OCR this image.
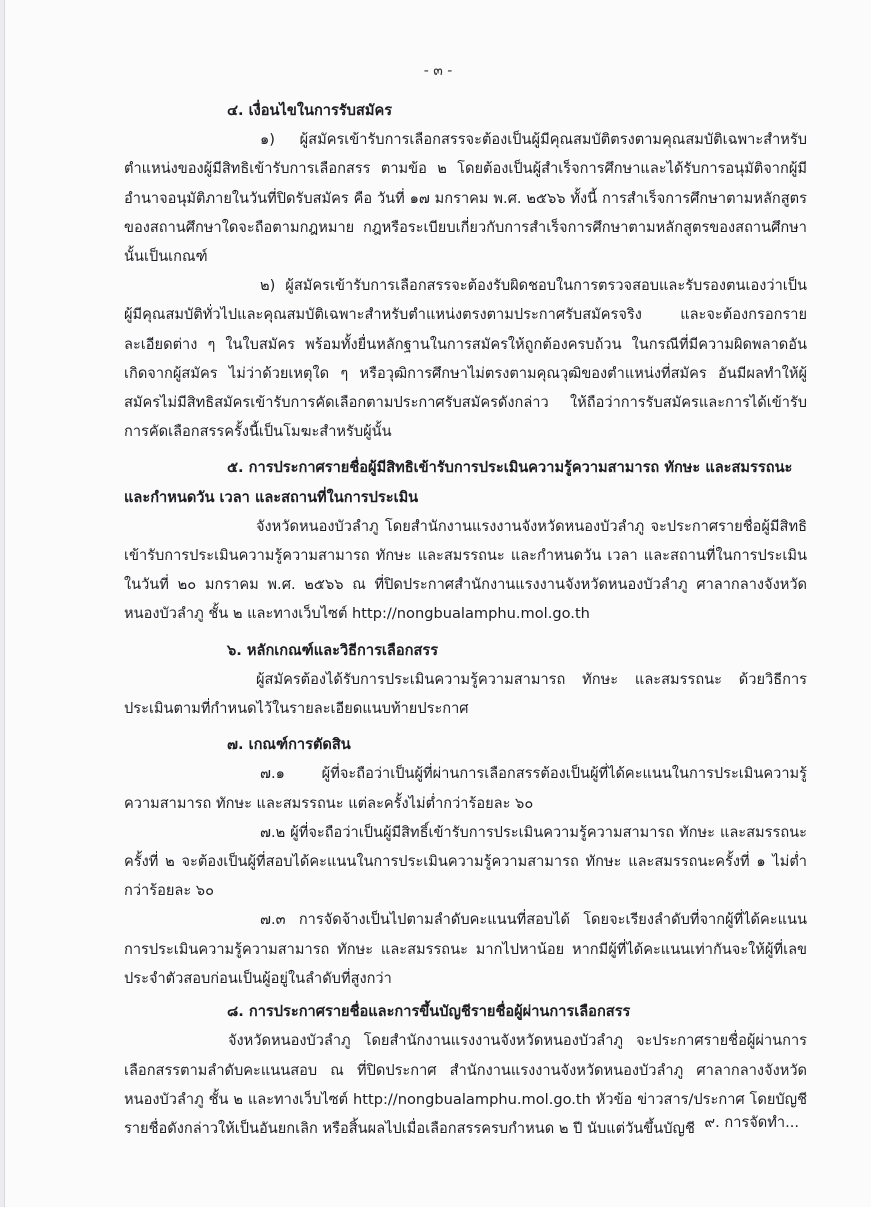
- ๓ -

๔. เงื่อนไขในการรับสมัคร

๑) ผู้สมัครเข้ารับการเลือกสรรจะต้องเป็นผู้มีคุณสมบัติตรงตามคุณสมบัติเฉพาะสำหรับตำแหน่งของผู้มีสิทธิเข้ารับการเลือกสรร ตามข้อ ๒ โดยต้องเป็นผู้สำเร็จการศึกษาและได้รับการอนุมัติจากผู้มีอำนาจอนุมัติภายในวันที่ปิดรับสมัคร คือ วันที่ ๑๗ มกราคม พ.ศ. ๒๕๖๖ ทั้งนี้ การสำเร็จการศึกษาตามหลักสูตรของสถานศึกษาใดจะถือตามกฎหมาย กฎหรือระเบียบเกี่ยวกับการสำเร็จการศึกษาตามหลักสูตรของสถานศึกษานั้นเป็นเกณฑ์

๒) ผู้สมัครเข้ารับการเลือกสรรจะต้องรับผิดชอบในการตรวจสอบและรับรองตนเองว่าเป็นผู้มีคุณสมบัติทั่วไปและคุณสมบัติเฉพาะสำหรับตำแหน่งตรงตามประกาศรับสมัครจริง และจะต้องกรอกรายละเอียดต่าง ๆ ในใบสมัคร พร้อมทั้งยื่นหลักฐานในการสมัครให้ถูกต้องครบถ้วน ในกรณีที่มีความผิดพลาดอันเกิดจากผู้สมัคร ไม่ว่าด้วยเหตุใด ๆ หรือวุฒิการศึกษาไม่ตรงตามคุณวุฒิของตำแหน่งที่สมัคร อันมีผลทำให้ผู้สมัครไม่มีสิทธิสมัครเข้ารับการคัดเลือกตามประกาศรับสมัครดังกล่าว ให้ถือว่าการรับสมัครและการได้เข้ารับการคัดเลือกสรรครั้งนี้เป็นโมฆะสำหรับผู้นั้น

๕. การประกาศรายชื่อผู้มีสิทธิเข้ารับการประเมินความรู้ความสามารถ ทักษะ และสมรรถนะ

และกำหนดวัน เวลา และสถานที่ในการประเมิน

จังหวัดหนองบัวลำภู โดยสำนักงานแรงงานจังหวัดหนองบัวลำภู จะประกาศรายชื่อผู้มีสิทธิ เข้ารับการประเมินความรู้ความสามารถ ทักษะ และสมรรถนะ และกำหนดวัน เวลา และสถานที่ในการประเมิน ในวันที่ ๒๐ มกราคม พ.ศ. ๒๕๖๖ ณ ที่ปิดประกาศสำนักงานแรงงานจังหวัดหนองบัวลำภู ศาลากลางจังหวัดหนองบัวลำภู ชั้น ๒ และทางเว็บไซต์ http://nongbualamphu.mol.go.th

๖. หลักเกณฑ์และวิธีการเลือกสรร

ผู้สมัครต้องได้รับการประเมินความรู้ความสามารถ ทักษะ และสมรรถนะ ด้วยวิธีการประเมินตามที่กำหนดไว้ในรายละเอียดแนบท้ายประกาศ

๗. เกณฑ์การตัดสิน

๗.๑ ผู้ที่จะถือว่าเป็นผู้ที่ผ่านการเลือกสรรต้องเป็นผู้ที่ได้คะแนนในการประเมินความรู้ความสามารถ ทักษะ และสมรรถนะ แต่ละครั้งไม่ต่ำกว่าร้อยละ ๖๐

๗.๒ ผู้ที่จะถือว่าเป็นผู้มีสิทธิ์เข้ารับการประเมินความรู้ความสามารถ ทักษะ และสมรรถนะ ครั้งที่ ๒ จะต้องเป็นผู้ที่สอบได้คะแนนในการประเมินความรู้ความสามารถ ทักษะ และสมรรถนะครั้งที่ ๑ ไม่ต่ำกว่าร้อยละ ๖๐

๗.๓ การจัดจ้างเป็นไปตามลำดับคะแนนที่สอบได้ โดยจะเรียงลำดับที่จากผู้ที่ได้คะแนนการประเมินความรู้ความสามารถ ทักษะ และสมรรถนะ มากไปหาน้อย หากมีผู้ที่ได้คะแนนเท่ากันจะให้ผู้ที่เลขประจำตัวสอบก่อนเป็นผู้อยู่ในลำดับที่สูงกว่า

๘. การประกาศรายชื่อและการขึ้นบัญชีรายชื่อผู้ผ่านการเลือกสรร

จังหวัดหนองบัวลำภู โดยสำนักงานแรงงานจังหวัดหนองบัวลำภู จะประกาศรายชื่อผู้ผ่านการเลือกสรรตามลำดับคะแนนสอบ ณ ที่ปิดประกาศ สำนักงานแรงงานจังหวัดหนองบัวลำภู ศาลากลางจังหวัดหนองบัวลำภู ชั้น ๒ และทางเว็บไซต์ http://nongbualamphu.mol.go.th หัวข้อ ข่าวสาร/ประกาศ โดยบัญชีรายชื่อดังกล่าวให้เป็นอันยกเลิก หรือสิ้นผลไปเมื่อเลือกสรรครบกำหนด ๒ ปี นับแต่วันขึ้นบัญชี ๙. การจัดทำ...
